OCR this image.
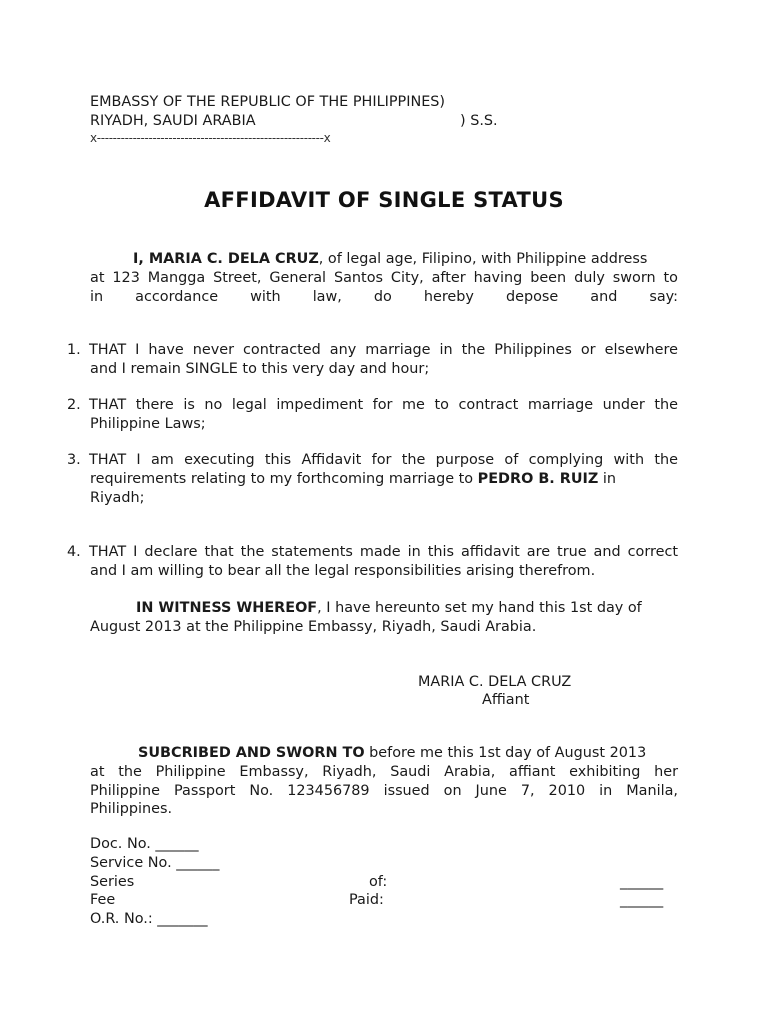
EMBASSY OF THE REPUBLIC OF THE PHILIPPINES)
RIYADH, SAUDI ARABIA	) S.S.
x---------------------------------------------------------x
AFFIDAVIT OF SINGLE STATUS
I, MARIA C. DELA CRUZ, of legal age, Filipino, with Philippine address
at 123 Mangga Street, General Santos City, after having been duly sworn to
in accordance with law, do hereby depose and say:
1. THAT I have never contracted any marriage in the Philippines or elsewhere
and I remain SINGLE to this very day and hour;
2. THAT there is no legal impediment for me to contract marriage under the
Philippine Laws;
3. THAT I am executing this Affidavit for the purpose of complying with the
requirements relating to my forthcoming marriage to PEDRO B. RUIZ in
Riyadh;
4. THAT I declare that the statements made in this affidavit are true and correct
and I am willing to bear all the legal responsibilities arising therefrom.
IN WITNESS WHEREOF, I have hereunto set my hand this 1st day of
August 2013 at the Philippine Embassy, Riyadh, Saudi Arabia.
MARIA C. DELA CRUZ
Affiant
SUBCRIBED AND SWORN TO before me this 1st day of August 2013
at the Philippine Embassy, Riyadh, Saudi Arabia, affiant exhibiting her
Philippine Passport No. 123456789 issued on June 7, 2010 in Manila,
Philippines.
Doc. No. ______
Service No. ______
Series	of:	______
Fee	Paid:	______
O.R. No.: _______
